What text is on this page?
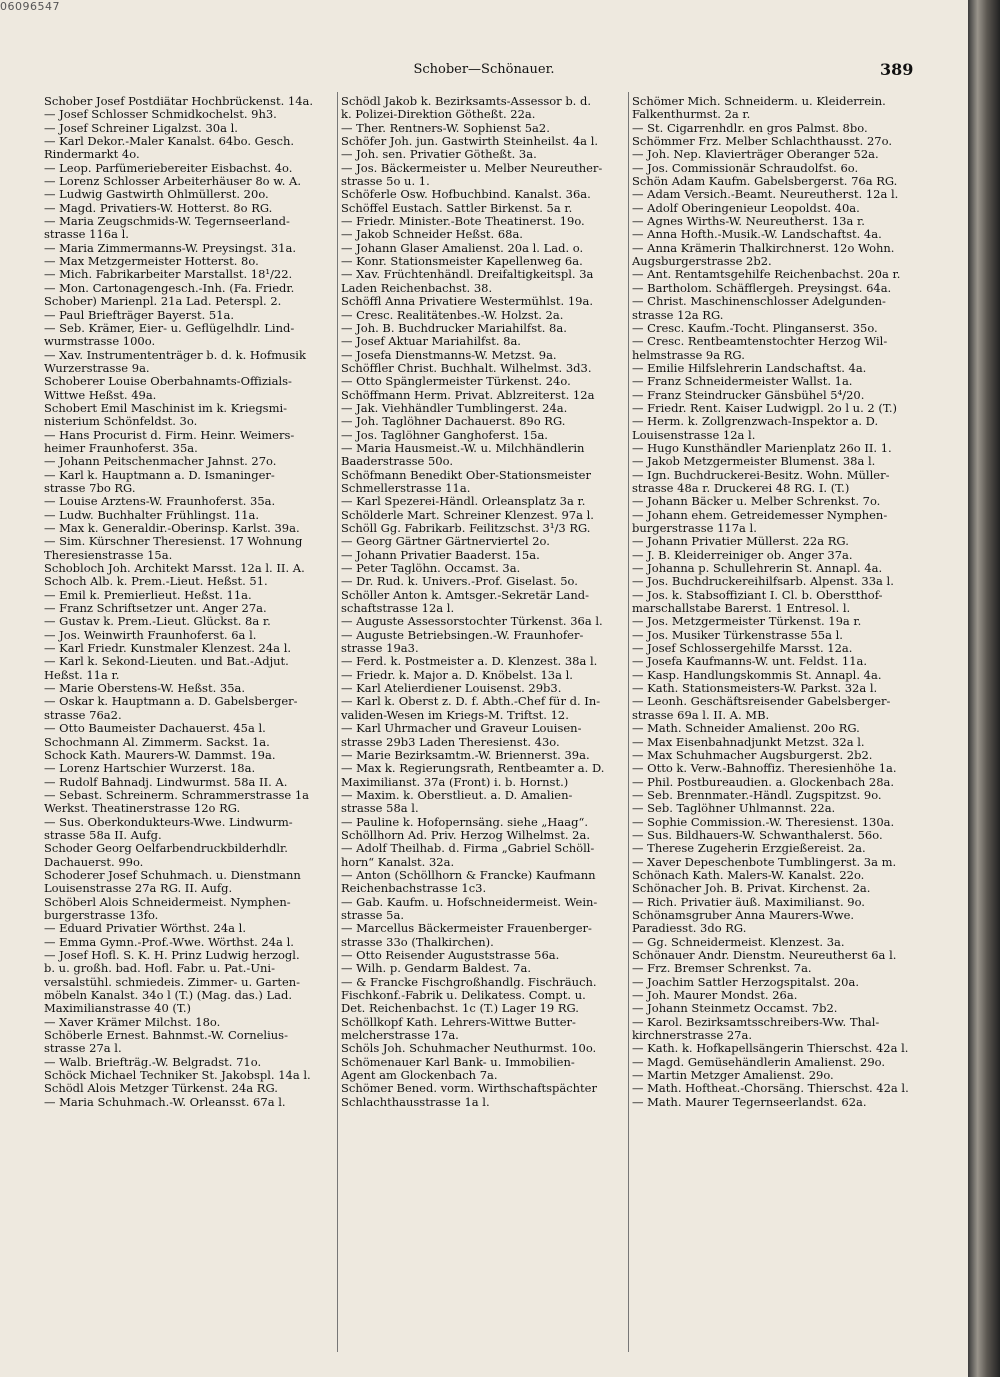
06096547
Schober—Schönauer.	389
Schober Josef Postdiätar Hochbrückenst. 14a.
— Josef Schlosser Schmidkochelst. 9h3.
— Josef Schreiner Ligalzst. 30a l.
— Karl Dekor.-Maler Kanalst. 64bo. Gesch.
Rindermarkt 4o.
— Leop. Parfümeriebereiter Eisbachst. 4o.
— Lorenz Schlosser Arbeiterhäuser 8o w. A.
— Ludwig Gastwirth Ohlmüllerst. 20o.
— Magd. Privatiers-W. Hotterst. 8o RG.
— Maria Zeugschmids-W. Tegernseerland-
strasse 116a l.
— Maria Zimmermanns-W. Preysingst. 31a.
— Max Metzgermeister Hotterst. 8o.
— Mich. Fabrikarbeiter Marstallst. 18¹/22.
— Mon. Cartonagengesch.-Inh. (Fa. Friedr.
Schober) Marienpl. 21a Lad. Peterspl. 2.
— Paul Briefträger Bayerst. 51a.
— Seb. Krämer, Eier- u. Geflügelhdlr. Lind-
wurmstrasse 100o.
— Xav. Instrumententräger b. d. k. Hofmusik
Wurzerstrasse 9a.
Schoberer Louise Oberbahnamts-Offizials-
Wittwe Heßst. 49a.
Schobert Emil Maschinist im k. Kriegsmi-
nisterium Schönfeldst. 3o.
— Hans Procurist d. Firm. Heinr. Weimers-
heimer Fraunhoferst. 35a.
— Johann Peitschenmacher Jahnst. 27o.
— Karl k. Hauptmann a. D. Ismaninger-
strasse 7bo RG.
— Louise Arztens-W. Fraunhoferst. 35a.
— Ludw. Buchhalter Frühlingst. 11a.
— Max k. Generaldir.-Oberinsp. Karlst. 39a.
— Sim. Kürschner Theresienst. 17 Wohnung
Theresienstrasse 15a.
Schobloch Joh. Architekt Marsst. 12a l. II. A.
Schoch Alb. k. Prem.-Lieut. Heßst. 51.
— Emil k. Premierlieut. Heßst. 11a.
— Franz Schriftsetzer unt. Anger 27a.
— Gustav k. Prem.-Lieut. Glückst. 8a r.
— Jos. Weinwirth Fraunhoferst. 6a l.
— Karl Friedr. Kunstmaler Klenzest. 24a l.
— Karl k. Sekond-Lieuten. und Bat.-Adjut.
Heßst. 11a r.
— Marie Oberstens-W. Heßst. 35a.
— Oskar k. Hauptmann a. D. Gabelsberger-
strasse 76a2.
— Otto Baumeister Dachauerst. 45a l.
Schochmann Al. Zimmerm. Sackst. 1a.
Schock Kath. Maurers-W. Dammst. 19a.
— Lorenz Hartschier Wurzerst. 18a.
— Rudolf Bahnadj. Lindwurmst. 58a II. A.
— Sebast. Schreinerm. Schrammerstrasse 1a
Werkst. Theatinerstrasse 12o RG.
— Sus. Oberkondukteurs-Wwe. Lindwurm-
strasse 58a II. Aufg.
Schoder Georg Oelfarbendruckbilderhdlr.
Dachauerst. 99o.
Schoderer Josef Schuhmach. u. Dienstmann
Louisenstrasse 27a RG. II. Aufg.
Schöberl Alois Schneidermeist. Nymphen-
burgerstrasse 13fo.
— Eduard Privatier Wörthst. 24a l.
— Emma Gymn.-Prof.-Wwe. Wörthst. 24a l.
— Josef Hofl. S. K. H. Prinz Ludwig herzogl.
b. u. großh. bad. Hofl. Fabr. u. Pat.-Uni-
versalstühl. schmiedeis. Zimmer- u. Garten-
möbeln Kanalst. 34o l (T.) (Mag. das.) Lad.
Maximilianstrasse 40 (T.)
— Xaver Krämer Milchst. 18o.
Schöberle Ernest. Bahnmst.-W. Cornelius-
strasse 27a l.
— Walb. Briefträg.-W. Belgradst. 71o.
Schöck Michael Techniker St. Jakobspl. 14a l.
Schödl Alois Metzger Türkenst. 24a RG.
— Maria Schuhmach.-W. Orleansst. 67a l.
Schödl Jakob k. Bezirksamts-Assessor b. d.
k. Polizei-Direktion Götheßt. 22a.
— Ther. Rentners-W. Sophienst 5a2.
Schöfer Joh. jun. Gastwirth Steinheilst. 4a l.
— Joh. sen. Privatier Götheßt. 3a.
— Jos. Bäckermeister u. Melber Neureuther-
strasse 5o u. 1.
Schöferle Osw. Hofbuchbind. Kanalst. 36a.
Schöffel Eustach. Sattler Birkenst. 5a r.
— Friedr. Minister.-Bote Theatinerst. 19o.
— Jakob Schneider Heßst. 68a.
— Johann Glaser Amalienst. 20a l. Lad. o.
— Konr. Stationsmeister Kapellenweg 6a.
— Xav. Früchtenhändl. Dreifaltigkeitspl. 3a
Laden Reichenbachst. 38.
Schöffl Anna Privatiere Westermühlst. 19a.
— Cresc. Realitätenbes.-W. Holzst. 2a.
— Joh. B. Buchdrucker Mariahilfst. 8a.
— Josef Aktuar Mariahilfst. 8a.
— Josefa Dienstmanns-W. Metzst. 9a.
Schöffler Christ. Buchhalt. Wilhelmst. 3d3.
— Otto Spänglermeister Türkenst. 24o.
Schöffmann Herm. Privat. Ablzreiterst. 12a
— Jak. Viehhändler Tumblingerst. 24a.
— Joh. Taglöhner Dachauerst. 89o RG.
— Jos. Taglöhner Ganghoferst. 15a.
— Maria Hausmeist.-W. u. Milchhändlerin
Baaderstrasse 50o.
Schöfmann Benedikt Ober-Stationsmeister
Schmellerstrasse 11a.
— Karl Spezerei-Händl. Orleansplatz 3a r.
Schölderle Mart. Schreiner Klenzest. 97a l.
Schöll Gg. Fabrikarb. Feilitzschst. 3¹/3 RG.
— Georg Gärtner Gärtnerviertel 2o.
— Johann Privatier Baaderst. 15a.
— Peter Taglöhn. Occamst. 3a.
— Dr. Rud. k. Univers.-Prof. Giselast. 5o.
Schöller Anton k. Amtsger.-Sekretär Land-
schaftstrasse 12a l.
— Auguste Assessorstochter Türkenst. 36a l.
— Auguste Betriebsingen.-W. Fraunhofer-
strasse 19a3.
— Ferd. k. Postmeister a. D. Klenzest. 38a l.
— Friedr. k. Major a. D. Knöbelst. 13a l.
— Karl Atelierdiener Louisenst. 29b3.
— Karl k. Oberst z. D. f. Abth.-Chef für d. In-
validen-Wesen im Kriegs-M. Triftst. 12.
— Karl Uhrmacher und Graveur Louisen-
strasse 29b3 Laden Theresienst. 43o.
— Marie Bezirksamtm.-W. Briennerst. 39a.
— Max k. Regierungsrath, Rentbeamter a. D.
Maximilianst. 37a (Front) i. b. Hornst.)
— Maxim. k. Oberstlieut. a. D. Amalien-
strasse 58a l.
— Pauline k. Hofopernsäng. siehe „Haag“.
Schöllhorn Ad. Priv. Herzog Wilhelmst. 2a.
— Adolf Theilhab. d. Firma „Gabriel Schöll-
horn“ Kanalst. 32a.
— Anton (Schöllhorn & Francke) Kaufmann
Reichenbachstrasse 1c3.
— Gab. Kaufm. u. Hofschneidermeist. Wein-
strasse 5a.
— Marcellus Bäckermeister Frauenberger-
strasse 33o (Thalkirchen).
— Otto Reisender Auguststrasse 56a.
— Wilh. p. Gendarm Baldest. 7a.
— & Francke Fischgroßhandlg. Fischräuch.
Fischkonf.-Fabrik u. Delikatess. Compt. u.
Det. Reichenbachst. 1c (T.) Lager 19 RG.
Schöllkopf Kath. Lehrers-Wittwe Butter-
melcherstrasse 17a.
Schöls Joh. Schuhmacher Neuthurmst. 10o.
Schömenauer Karl Bank- u. Immobilien-
Agent am Glockenbach 7a.
Schömer Bened. vorm. Wirthschaftspächter
Schlachthausstrasse 1a l.
Schömer Mich. Schneiderm. u. Kleiderrein.
Falkenthurmst. 2a r.
— St. Cigarrenhdlr. en gros Palmst. 8bo.
Schömmer Frz. Melber Schlachthausst. 27o.
— Joh. Nep. Klavierträger Oberanger 52a.
— Jos. Commissionär Schraudolfst. 6o.
Schön Adam Kaufm. Gabelsbergerst. 76a RG.
— Adam Versich.-Beamt. Neureutherst. 12a l.
— Adolf Oberingenieur Leopoldst. 40a.
— Agnes Wirths-W. Neureutherst. 13a r.
— Anna Hofth.-Musik.-W. Landschaftst. 4a.
— Anna Krämerin Thalkirchnerst. 12o Wohn.
Augsburgerstrasse 2b2.
— Ant. Rentamtsgehilfe Reichenbachst. 20a r.
— Bartholom. Schäfflergeh. Preysingst. 64a.
— Christ. Maschinenschlosser Adelgunden-
strasse 12a RG.
— Cresc. Kaufm.-Tocht. Plinganserst. 35o.
— Cresc. Rentbeamtenstochter Herzog Wil-
helmstrasse 9a RG.
— Emilie Hilfslehrerin Landschaftst. 4a.
— Franz Schneidermeister Wallst. 1a.
— Franz Steindrucker Gänsbühel 5⁴/20.
— Friedr. Rent. Kaiser Ludwigpl. 2o l u. 2 (T.)
— Herm. k. Zollgrenzwach-Inspektor a. D.
Louisenstrasse 12a l.
— Hugo Kunsthändler Marienplatz 26o II. 1.
— Jakob Metzgermeister Blumenst. 38a l.
— Ign. Buchdruckerei-Besitz. Wohn. Müller-
strasse 48a r. Druckerei 48 RG. I. (T.)
— Johann Bäcker u. Melber Schrenkst. 7o.
— Johann ehem. Getreidemesser Nymphen-
burgerstrasse 117a l.
— Johann Privatier Müllerst. 22a RG.
— J. B. Kleiderreiniger ob. Anger 37a.
— Johanna p. Schullehrerin St. Annapl. 4a.
— Jos. Buchdruckereihilfsarb. Alpenst. 33a l.
— Jos. k. Stabsoffiziant I. Cl. b. Oberstthof-
marschallstabe Barerst. 1 Entresol. l.
— Jos. Metzgermeister Türkenst. 19a r.
— Jos. Musiker Türkenstrasse 55a l.
— Josef Schlossergehilfe Marsst. 12a.
— Josefa Kaufmanns-W. unt. Feldst. 11a.
— Kasp. Handlungskommis St. Annapl. 4a.
— Kath. Stationsmeisters-W. Parkst. 32a l.
— Leonh. Geschäftsreisender Gabelsberger-
strasse 69a l. II. A. MB.
— Math. Schneider Amalienst. 20o RG.
— Max Eisenbahnadjunkt Metzst. 32a l.
— Max Schuhmacher Augsburgerst. 2b2.
— Otto k. Verw.-Bahnoffiz. Theresienhöhe 1a.
— Phil. Postbureaudien. a. Glockenbach 28a.
— Seb. Brennmater.-Händl. Zugspitzst. 9o.
— Seb. Taglöhner Uhlmannst. 22a.
— Sophie Commission.-W. Theresienst. 130a.
— Sus. Bildhauers-W. Schwanthalerst. 56o.
— Therese Zugeherin Erzgießereist. 2a.
— Xaver Depeschenbote Tumblingerst. 3a m.
Schönach Kath. Malers-W. Kanalst. 22o.
Schönacher Joh. B. Privat. Kirchenst. 2a.
— Rich. Privatier äuß. Maximilianst. 9o.
Schönamsgruber Anna Maurers-Wwe.
Paradiesst. 3do RG.
— Gg. Schneidermeist. Klenzest. 3a.
Schönauer Andr. Dienstm. Neureutherst 6a l.
— Frz. Bremser Schrenkst. 7a.
— Joachim Sattler Herzogspitalst. 20a.
— Joh. Maurer Mondst. 26a.
— Johann Steinmetz Occamst. 7b2.
— Karol. Bezirksamtsschreibers-Ww. Thal-
kirchnerstrasse 27a.
— Kath. k. Hofkapellsängerin Thierschst. 42a l.
— Magd. Gemüsehändlerin Amalienst. 29o.
— Martin Metzger Amalienst. 29o.
— Math. Hoftheat.-Chorsäng. Thierschst. 42a l.
— Math. Maurer Tegernseerlandst. 62a.
